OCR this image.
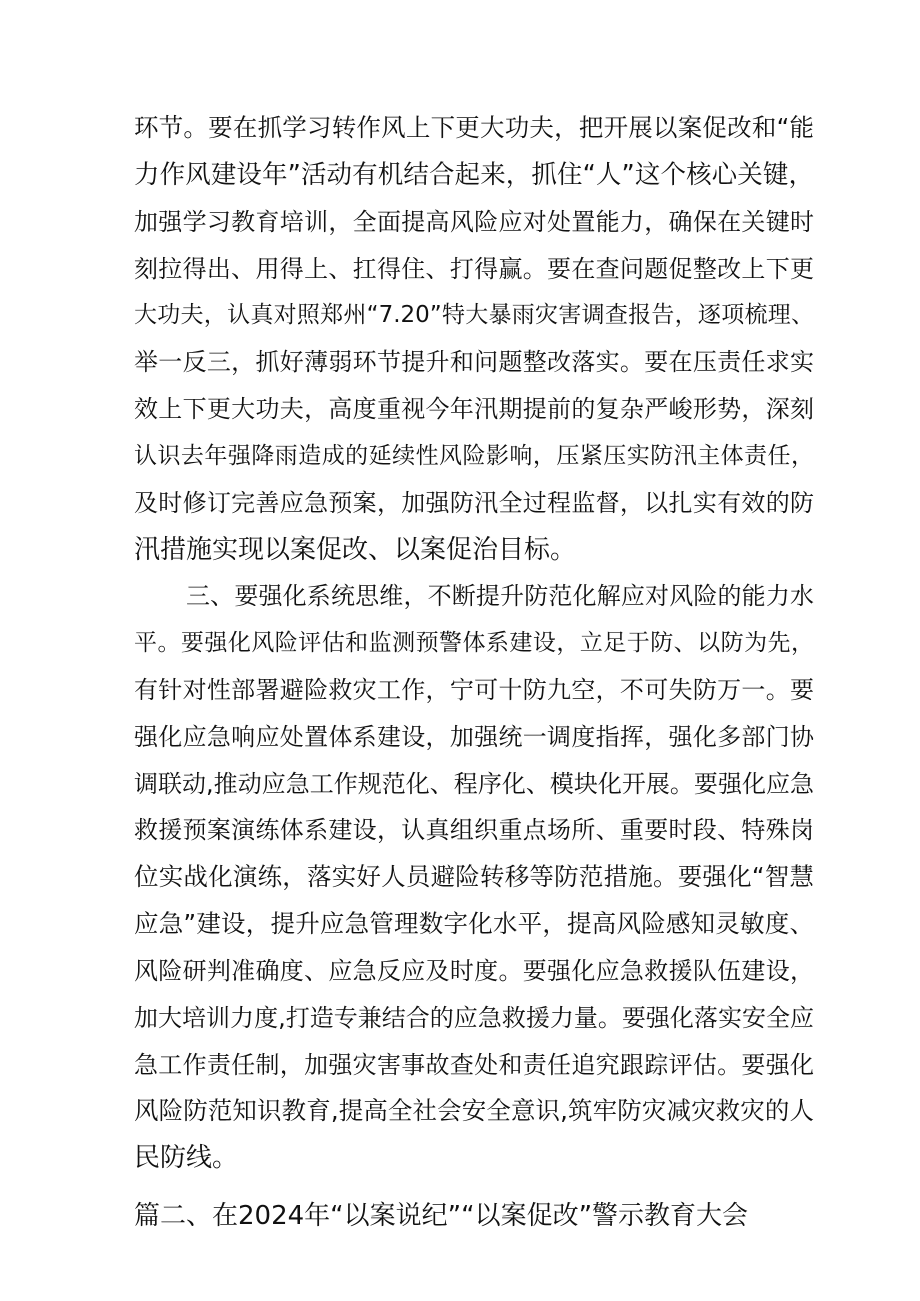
环节。要在抓学习转作风上下更大功夫，把开展以案促改和“能
力作风建设年”活动有机结合起来，抓住“人”这个核心关键，
加强学习教育培训，全面提高风险应对处置能力，确保在关键时
刻拉得出、用得上、扛得住、打得赢。要在查问题促整改上下更
大功夫，认真对照郑州“7.20”特大暴雨灾害调查报告，逐项梳理、
举一反三，抓好薄弱环节提升和问题整改落实。要在压责任求实
效上下更大功夫，高度重视今年汛期提前的复杂严峻形势，深刻
认识去年强降雨造成的延续性风险影响，压紧压实防汛主体责任，
及时修订完善应急预案，加强防汛全过程监督，以扎实有效的防
汛措施实现以案促改、以案促治目标。
三、要强化系统思维，不断提升防范化解应对风险的能力水
平。要强化风险评估和监测预警体系建设，立足于防、以防为先，
有针对性部署避险救灾工作，宁可十防九空，不可失防万一。要
强化应急响应处置体系建设，加强统一调度指挥，强化多部门协
调联动,推动应急工作规范化、程序化、模块化开展。要强化应急
救援预案演练体系建设，认真组织重点场所、重要时段、特殊岗
位实战化演练，落实好人员避险转移等防范措施。要强化“智慧
应急”建设，提升应急管理数字化水平，提高风险感知灵敏度、
风险研判准确度、应急反应及时度。要强化应急救援队伍建设，
加大培训力度,打造专兼结合的应急救援力量。要强化落实安全应
急工作责任制，加强灾害事故查处和责任追究跟踪评估。要强化
风险防范知识教育,提高全社会安全意识,筑牢防灾减灾救灾的人
民防线。
篇二、在2024年“以案说纪”“以案促改”警示教育大会
